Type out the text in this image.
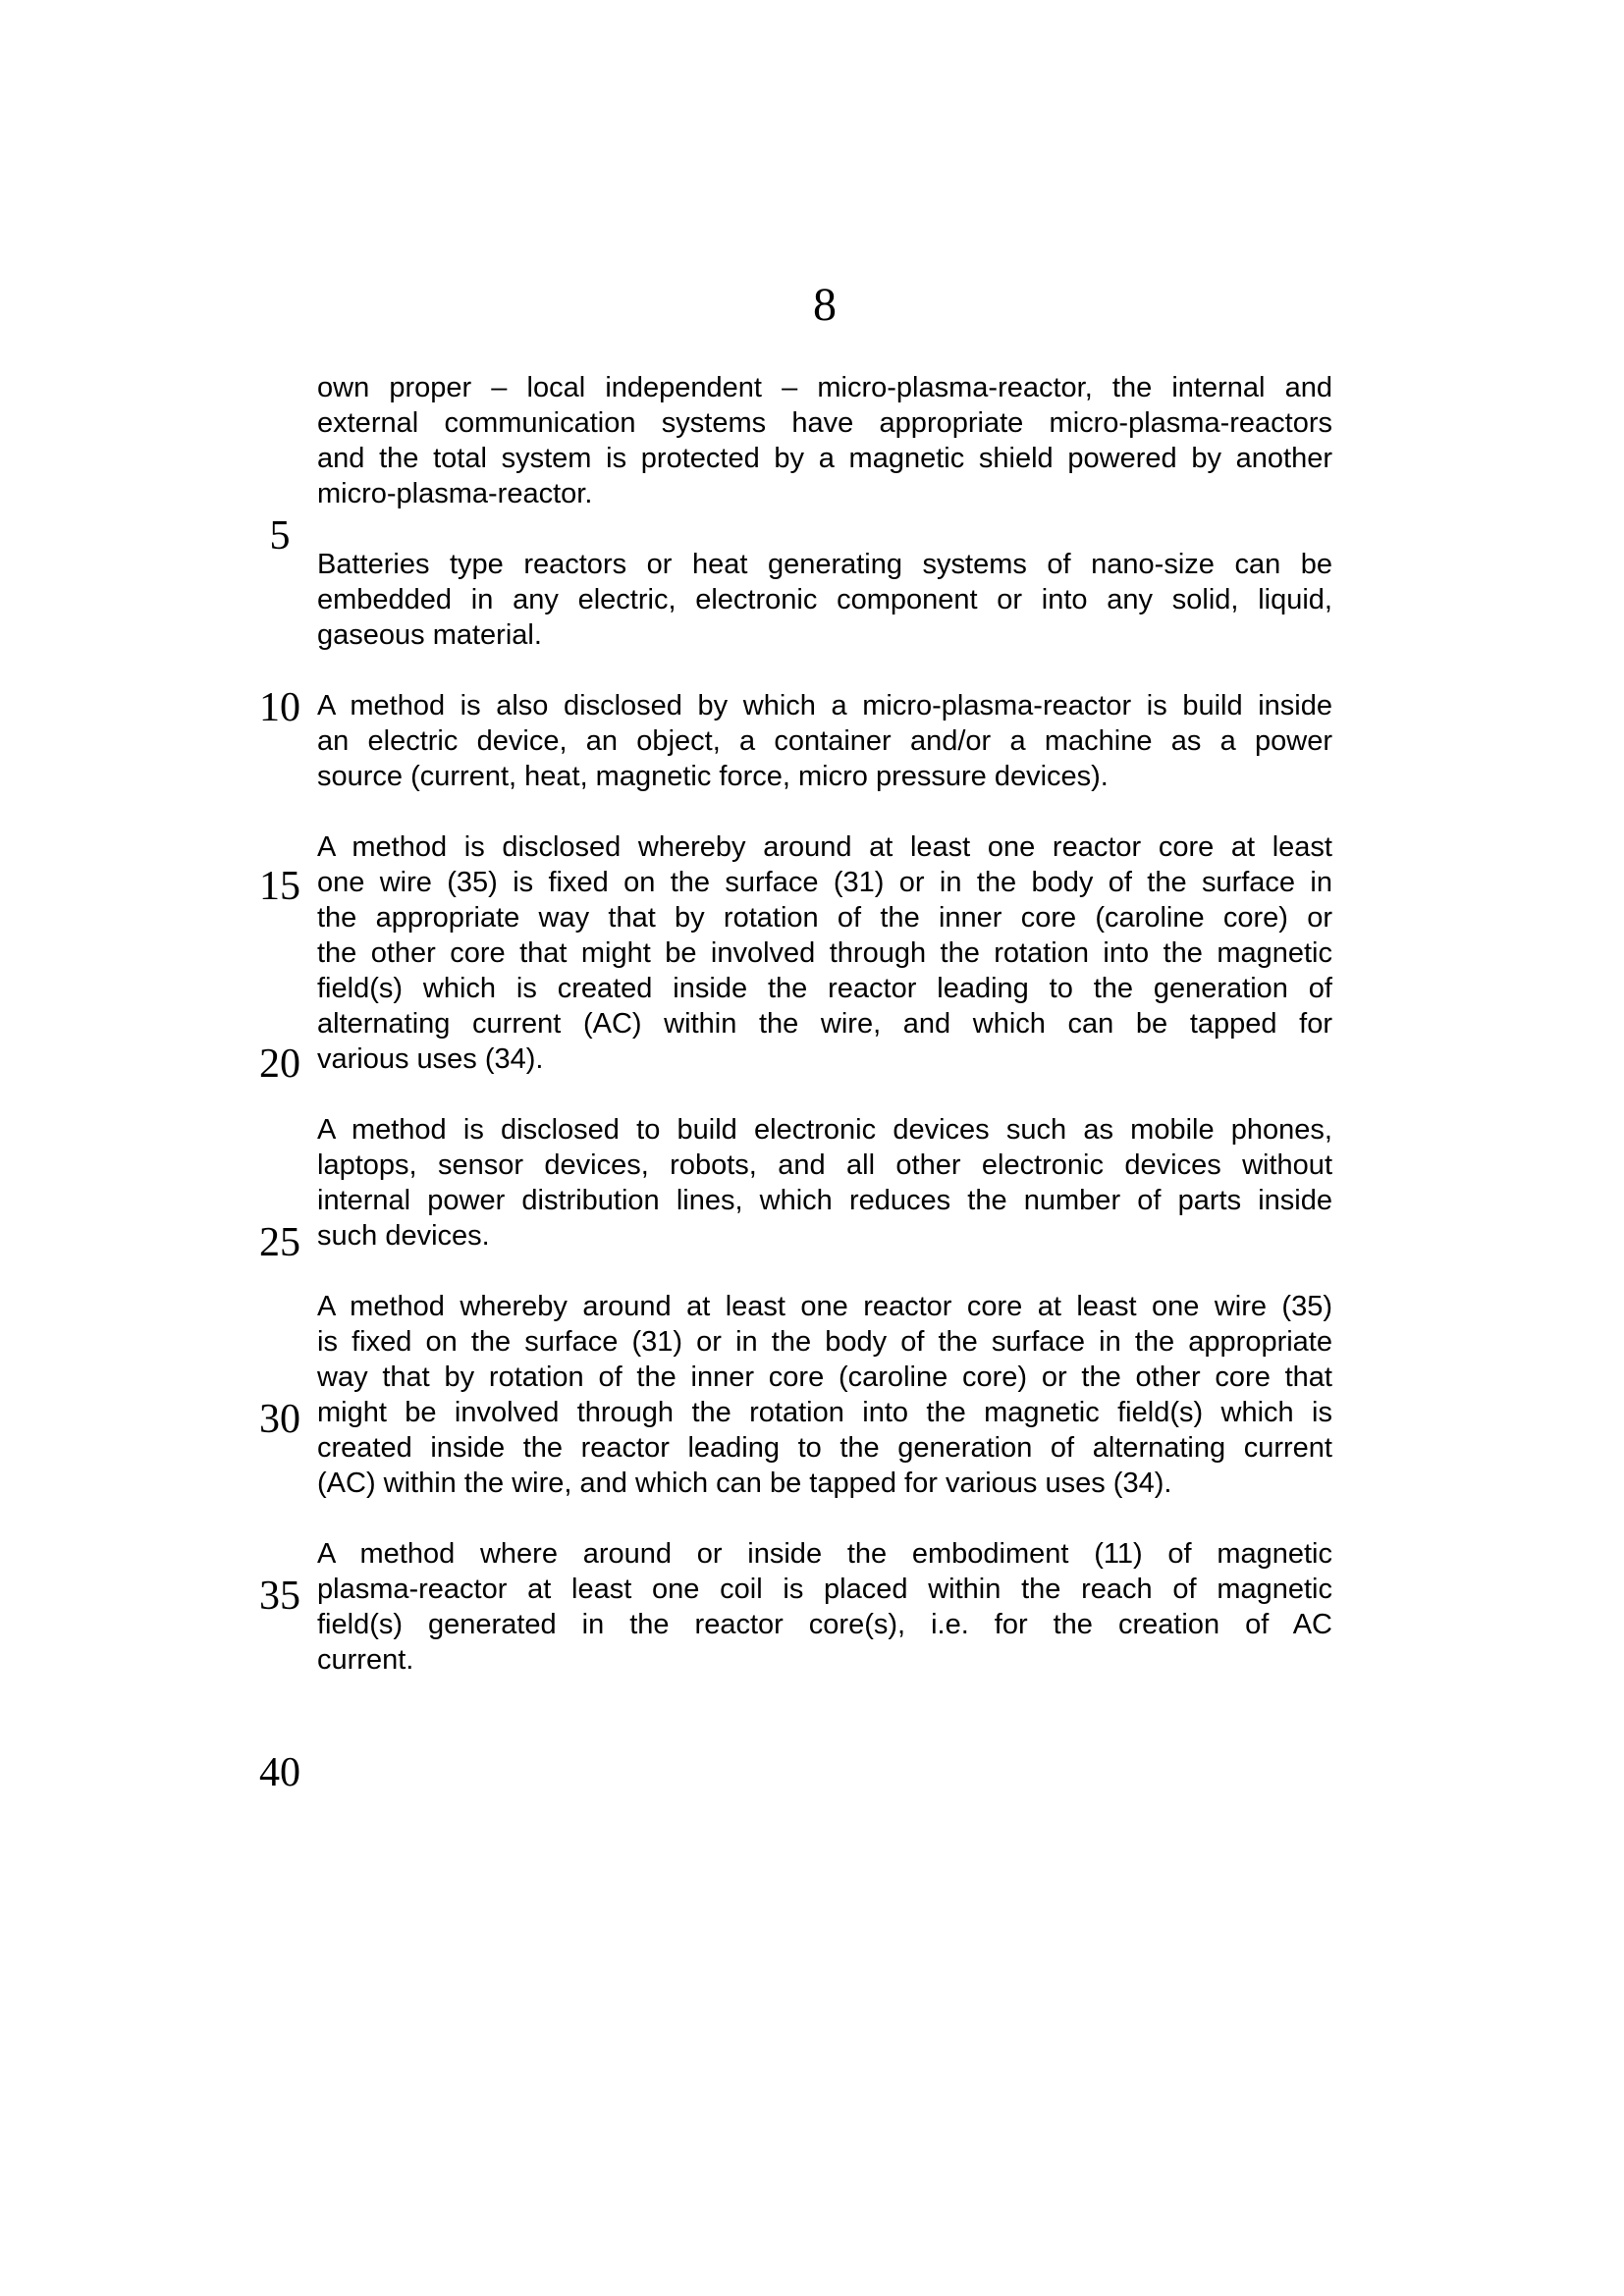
8
5
10
15
20
25
30
35
40
own proper – local independent – micro-plasma-reactor, the internal and
external communication systems have appropriate micro-plasma-reactors
and the total system is protected by a magnetic shield powered by another
micro-plasma-reactor.
Batteries type reactors or heat generating systems of nano-size can be
embedded in any electric, electronic component or into any solid, liquid,
gaseous material.
A method is also disclosed by which a micro-plasma-reactor is build inside
an electric device, an object, a container and/or a machine as a power
source (current, heat, magnetic force, micro pressure devices).
A method is disclosed whereby around at least one reactor core at least
one wire (35) is fixed on the surface (31) or in the body of the surface in
the appropriate way that by rotation of the inner core (caroline core) or
the other core that might be involved through the rotation into the magnetic
field(s) which is created inside the reactor leading to the generation of
alternating current (AC) within the wire, and which can be tapped for
various uses (34).
A method is disclosed to build electronic devices such as mobile phones,
laptops, sensor devices, robots, and all other electronic devices without
internal power distribution lines, which reduces the number of parts inside
such devices.
A method whereby around at least one reactor core at least one wire (35)
is fixed on the surface (31) or in the body of the surface in the appropriate
way that by rotation of the inner core (caroline core) or the other core that
might be involved through the rotation into the magnetic field(s) which is
created inside the reactor leading to the generation of alternating current
(AC) within the wire, and which can be tapped for various uses (34).
A method where around or inside the embodiment (11) of magnetic
plasma-reactor at least one coil is placed within the reach of magnetic
field(s) generated in the reactor core(s), i.e. for the creation of AC
current.
